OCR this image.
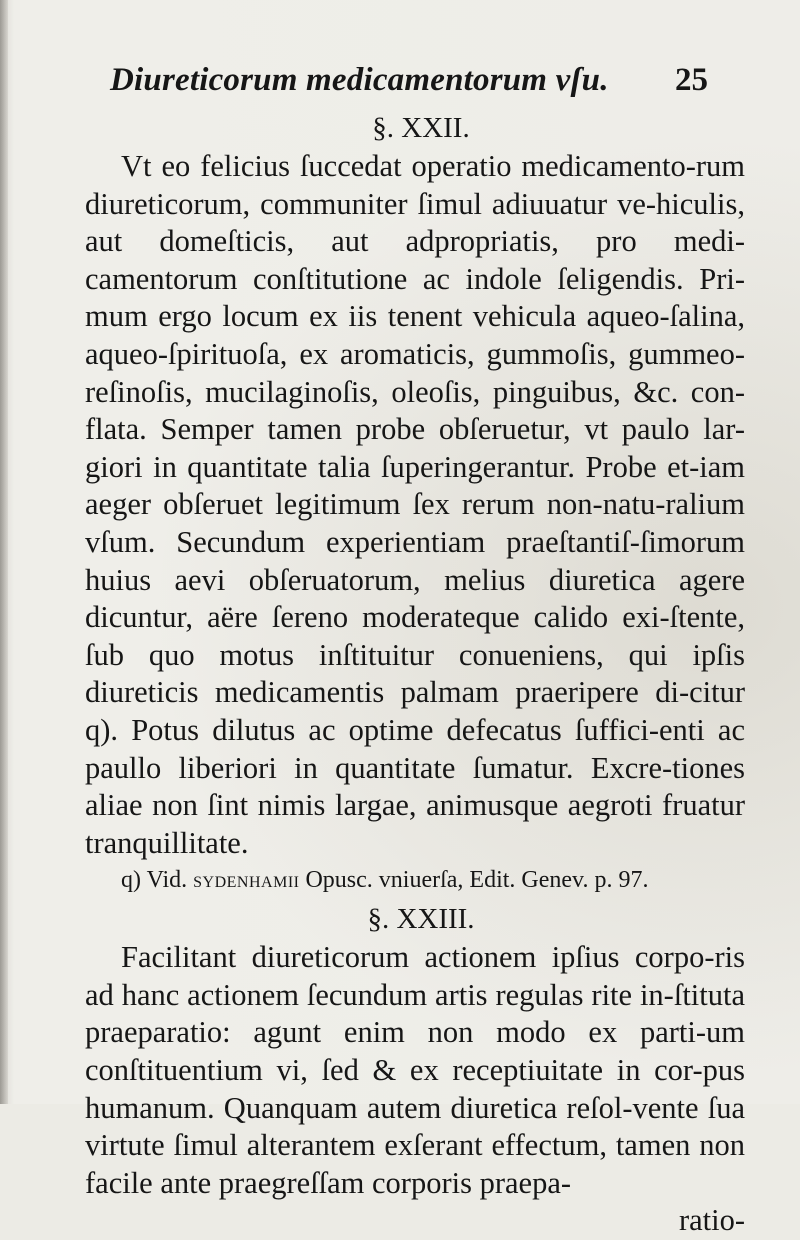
Diureticorum medicamentorum vſu. 25
§. XXII.

Vt eo felicius ſuccedat operatio medicamento-rum diureticorum, communiter ſimul adiuuatur ve-hiculis, aut domeſticis, aut adpropriatis, pro medi-camentorum conſtitutione ac indole ſeligendis. Pri-mum ergo locum ex iis tenent vehicula aqueo-ſalina, aqueo-ſpirituoſa, ex aromaticis, gummoſis, gummeo-reſinoſis, mucilaginoſis, oleoſis, pinguibus, &c. con-flata. Semper tamen probe obſeruetur, vt paulo lar-giori in quantitate talia ſuperingerantur. Probe et-iam aeger obſeruet legitimum ſex rerum non-natu-ralium vſum. Secundum experientiam praeſtantiſ-ſimorum huius aevi obſeruatorum, melius diuretica agere dicuntur, aëre ſereno moderateque calido exi-ſtente, ſub quo motus inſtituitur conueniens, qui ipſis diureticis medicamentis palmam praeripere di-citur q). Potus dilutus ac optime defecatus ſuffici-enti ac paullo liberiori in quantitate ſumatur. Excre-tiones aliae non ſint nimis largae, animusque aegroti fruatur tranquillitate.

q) Vid. SYDENHAMII Opusc. vniuerſa, Edit. Genev. p. 97.

§. XXIII.

Facilitant diureticorum actionem ipſius corpo-ris ad hanc actionem ſecundum artis regulas rite in-ſtituta praeparatio: agunt enim non modo ex parti-um conſtituentium vi, ſed & ex receptiuitate in cor-pus humanum. Quanquam autem diuretica reſol-vente ſua virtute ſimul alterantem exſerant effectum, tamen non facile ante praegreſſam corporis praepa-

ratio-
